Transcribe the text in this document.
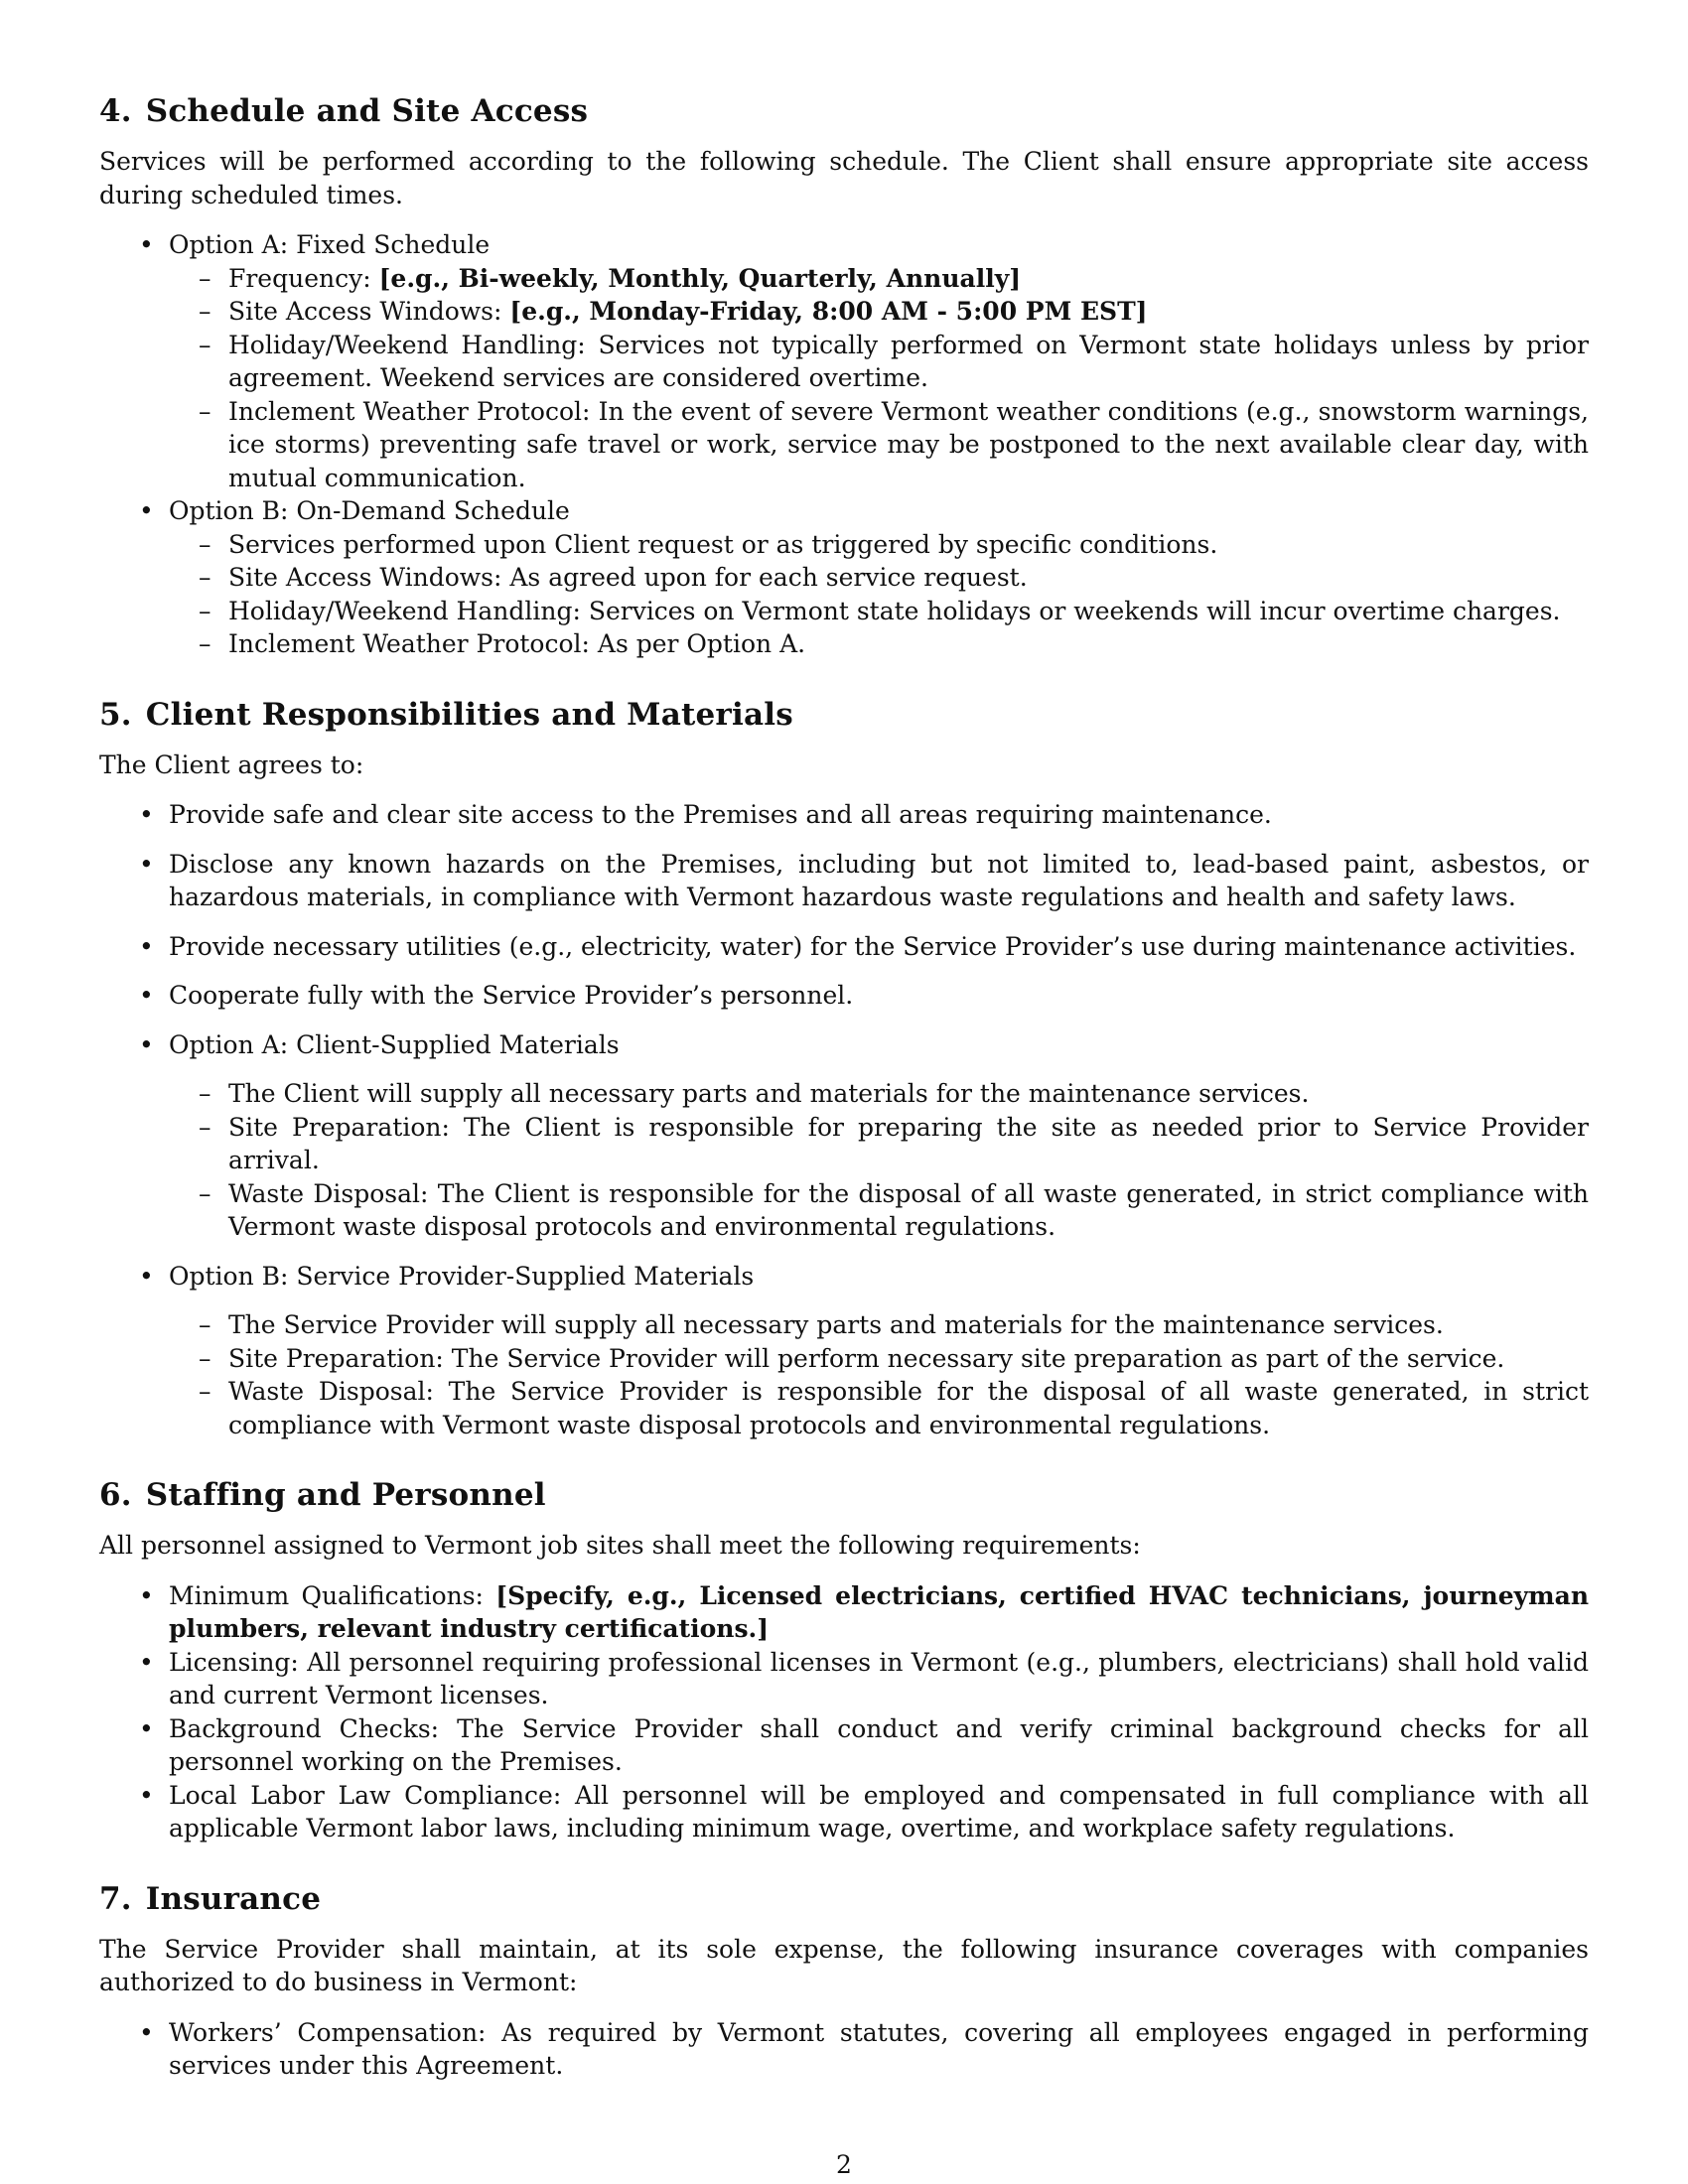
4. Schedule and Site Access

Services will be performed according to the following schedule. The Client shall ensure appropriate site access during scheduled times.

• Option A: Fixed Schedule
– Frequency: [e.g., Bi-weekly, Monthly, Quarterly, Annually]
– Site Access Windows: [e.g., Monday-Friday, 8:00 AM - 5:00 PM EST]
– Holiday/Weekend Handling: Services not typically performed on Vermont state holidays unless by prior agreement. Weekend services are considered overtime.
– Inclement Weather Protocol: In the event of severe Vermont weather conditions (e.g., snowstorm warnings, ice storms) preventing safe travel or work, service may be postponed to the next available clear day, with mutual communication.
• Option B: On-Demand Schedule
– Services performed upon Client request or as triggered by specific conditions.
– Site Access Windows: As agreed upon for each service request.
– Holiday/Weekend Handling: Services on Vermont state holidays or weekends will incur overtime charges.
– Inclement Weather Protocol: As per Option A.
5. Client Responsibilities and Materials

The Client agrees to:

• Provide safe and clear site access to the Premises and all areas requiring maintenance.
• Disclose any known hazards on the Premises, including but not limited to, lead-based paint, asbestos, or hazardous materials, in compliance with Vermont hazardous waste regulations and health and safety laws.
• Provide necessary utilities (e.g., electricity, water) for the Service Provider’s use during maintenance activities.
• Cooperate fully with the Service Provider’s personnel.
• Option A: Client-Supplied Materials
– The Client will supply all necessary parts and materials for the maintenance services.
– Site Preparation: The Client is responsible for preparing the site as needed prior to Service Provider arrival.
– Waste Disposal: The Client is responsible for the disposal of all waste generated, in strict compliance with Vermont waste disposal protocols and environmental regulations.
• Option B: Service Provider-Supplied Materials
– The Service Provider will supply all necessary parts and materials for the maintenance services.
– Site Preparation: The Service Provider will perform necessary site preparation as part of the service.
– Waste Disposal: The Service Provider is responsible for the disposal of all waste generated, in strict compliance with Vermont waste disposal protocols and environmental regulations.
6. Staffing and Personnel

All personnel assigned to Vermont job sites shall meet the following requirements:

• Minimum Qualifications: [Specify, e.g., Licensed electricians, certified HVAC technicians, journeyman plumbers, relevant industry certifications.]
• Licensing: All personnel requiring professional licenses in Vermont (e.g., plumbers, electricians) shall hold valid and current Vermont licenses.
• Background Checks: The Service Provider shall conduct and verify criminal background checks for all personnel working on the Premises.
• Local Labor Law Compliance: All personnel will be employed and compensated in full compliance with all applicable Vermont labor laws, including minimum wage, overtime, and workplace safety regulations.
7. Insurance

The Service Provider shall maintain, at its sole expense, the following insurance coverages with companies authorized to do business in Vermont:

• Workers’ Compensation: As required by Vermont statutes, covering all employees engaged in performing services under this Agreement.
2
